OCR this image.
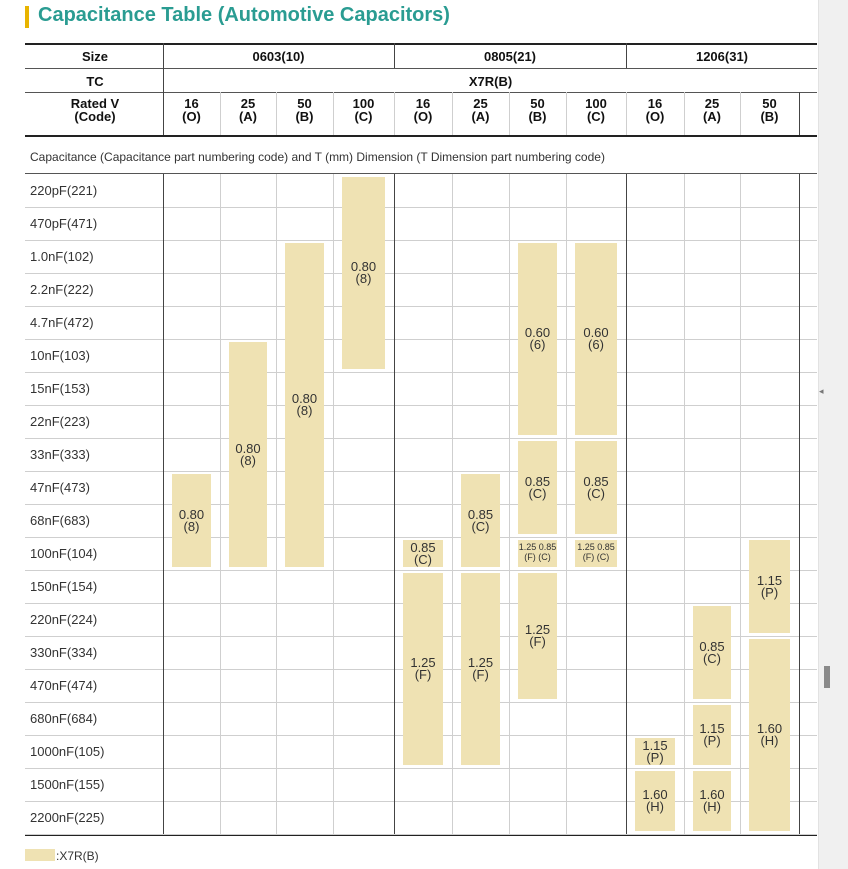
Capacitance Table (Automotive Capacitors)
Size
TC
Rated V
(Code)
0603(10)	0805(21)	1206(31)
X7R(B)
16
(O)
25
(A)
50
(B)
100
(C)
16
(O)
25
(A)
50
(B)
100
(C)
16
(O)
25
(A)
50
(B)
Capacitance (Capacitance part numbering code) and T (mm) Dimension (T Dimension part numbering code)
220pF(221)
470pF(471)
1.0nF(102)
2.2nF(222)
4.7nF(472)
10nF(103)
15nF(153)
22nF(223)
33nF(333)
47nF(473)
68nF(683)
100nF(104)
150nF(154)
220nF(224)
330nF(334)
470nF(474)
680nF(684)
1000nF(105)
1500nF(155)
2200nF(225)
0.80
(8)
0.80
(8)
0.80
(8)
0.80
(8)
0.85
(C)
1.25
(F)
0.85
(C)
1.25
(F)
0.60
(6)
0.85
(C)
1.25 0.85
(F) (C)
1.25
(F)
0.60
(6)
0.85
(C)
1.25 0.85
(F) (C)
1.15
(P)
1.60
(H)
0.85
(C)
1.15
(P)
1.60
(H)
1.15
(P)
1.60
(H)
:X7R(B)
◂
